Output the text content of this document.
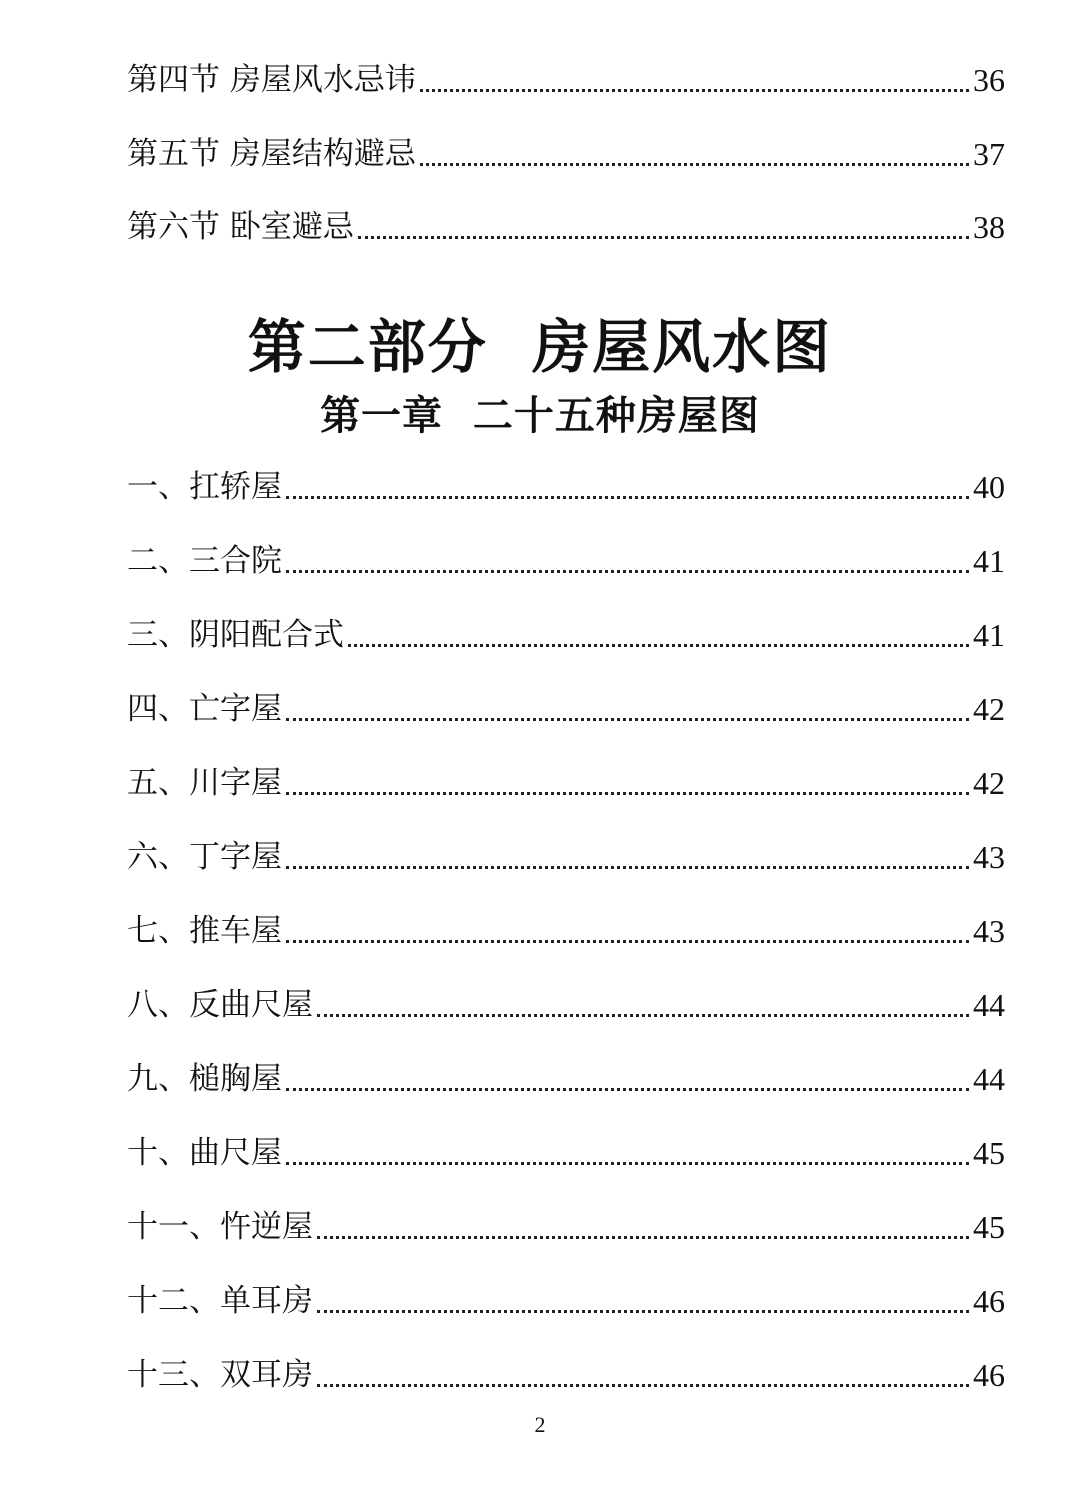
第四节 房屋风水忌讳	36
第五节 房屋结构避忌	37
第六节 卧室避忌	38
第二部分  房屋风水图
第一章  二十五种房屋图
一、扛轿屋	40
二、三合院	41
三、阴阳配合式	41
四、亡字屋	42
五、川字屋	42
六、丁字屋	43
七、推车屋	43
八、反曲尺屋	44
九、槌胸屋	44
十、曲尺屋	45
十一、忤逆屋	45
十二、单耳房	46
十三、双耳房	46
2
